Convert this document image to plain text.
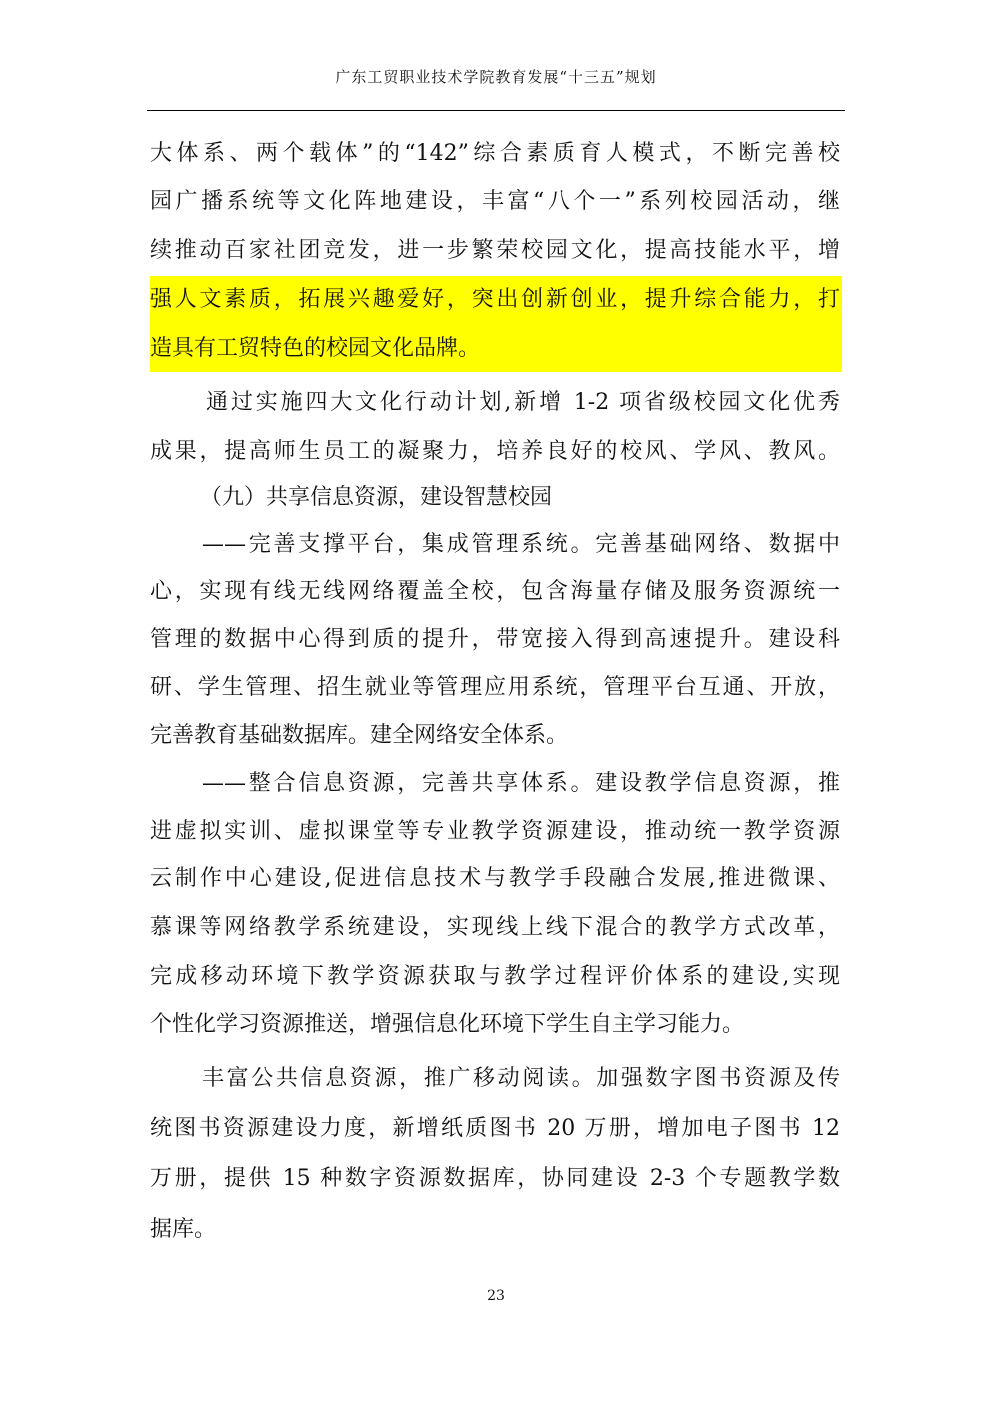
广东工贸职业技术学院教育发展“十三五”规划
大体系、两个载体”的“142”综合素质育人模式，不断完善校
园广播系统等文化阵地建设，丰富“八个一”系列校园活动，继
续推动百家社团竞发，进一步繁荣校园文化，提高技能水平，增
强人文素质，拓展兴趣爱好，突出创新创业，提升综合能力，打
造具有工贸特色的校园文化品牌。
通过实施四大文化行动计划,新增 1-2 项省级校园文化优秀
成果，提高师生员工的凝聚力，培养良好的校风、学风、教风。
（九）共享信息资源，建设智慧校园
——完善支撑平台，集成管理系统。完善基础网络、数据中
心，实现有线无线网络覆盖全校，包含海量存储及服务资源统一
管理的数据中心得到质的提升，带宽接入得到高速提升。建设科
研、学生管理、招生就业等管理应用系统，管理平台互通、开放，
完善教育基础数据库。建全网络安全体系。
——整合信息资源，完善共享体系。建设教学信息资源，推
进虚拟实训、虚拟课堂等专业教学资源建设，推动统一教学资源
云制作中心建设,促进信息技术与教学手段融合发展,推进微课、
慕课等网络教学系统建设，实现线上线下混合的教学方式改革，
完成移动环境下教学资源获取与教学过程评价体系的建设,实现
个性化学习资源推送，增强信息化环境下学生自主学习能力。
丰富公共信息资源，推广移动阅读。加强数字图书资源及传
统图书资源建设力度，新增纸质图书 20 万册，增加电子图书 12
万册，提供 15 种数字资源数据库，协同建设 2-3 个专题教学数
据库。
23
